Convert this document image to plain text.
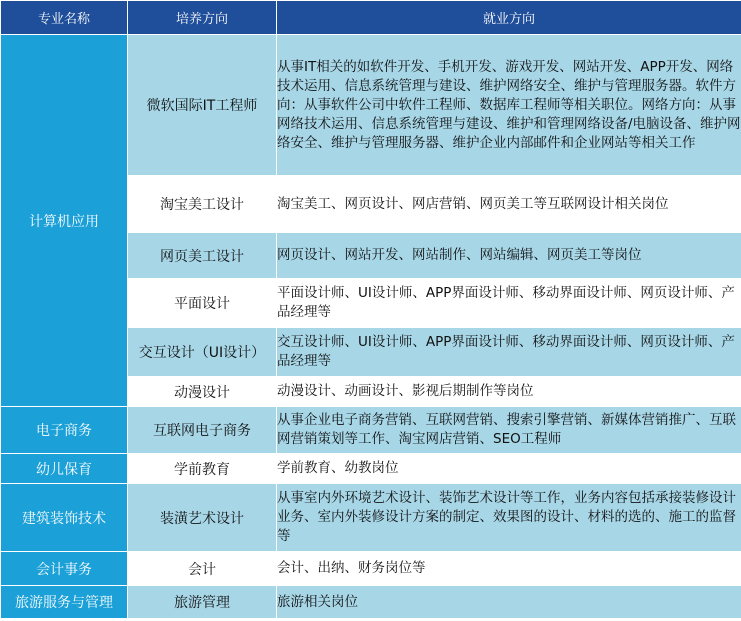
专业名称	培养方向	就业方向
计算机应用	微软国际IT工程师	从事IT相关的如软件开发、手机开发、游戏开发、网站开发、APP开发、网络技术运用、信息系统管理与建设、维护网络安全、维护与管理服务器。软件方向：从事软件公司中软件工程师、数据库工程师等相关职位。网络方向：从事网络技术运用、信息系统管理与建设、维护和管理网络设备/电脑设备、维护网络安全、维护与管理服务器、维护企业内部邮件和企业网站等相关工作
	淘宝美工设计	淘宝美工、网页设计、网店营销、网页美工等互联网设计相关岗位
	网页美工设计	网页设计、网站开发、网站制作、网站编辑、网页美工等岗位
	平面设计	平面设计师、UI设计师、APP界面设计师、移动界面设计师、网页设计师、产品经理等
	交互设计（UI设计）	交互设计师、UI设计师、APP界面设计师、移动界面设计师、网页设计师、产品经理等
	动漫设计	动漫设计、动画设计、影视后期制作等岗位
电子商务	互联网电子商务	从事企业电子商务营销、互联网营销、搜索引擎营销、新媒体营销推广、互联网营销策划等工作、淘宝网店营销、SEO工程师
幼儿保育	学前教育	学前教育、幼教岗位
建筑装饰技术	装潢艺术设计	从事室内外环境艺术设计、装饰艺术设计等工作，业务内容包括承接装修设计业务、室内外装修设计方案的制定、效果图的设计、材料的选的、施工的监督等
会计事务	会计	会计、出纳、财务岗位等
旅游服务与管理	旅游管理	旅游相关岗位
